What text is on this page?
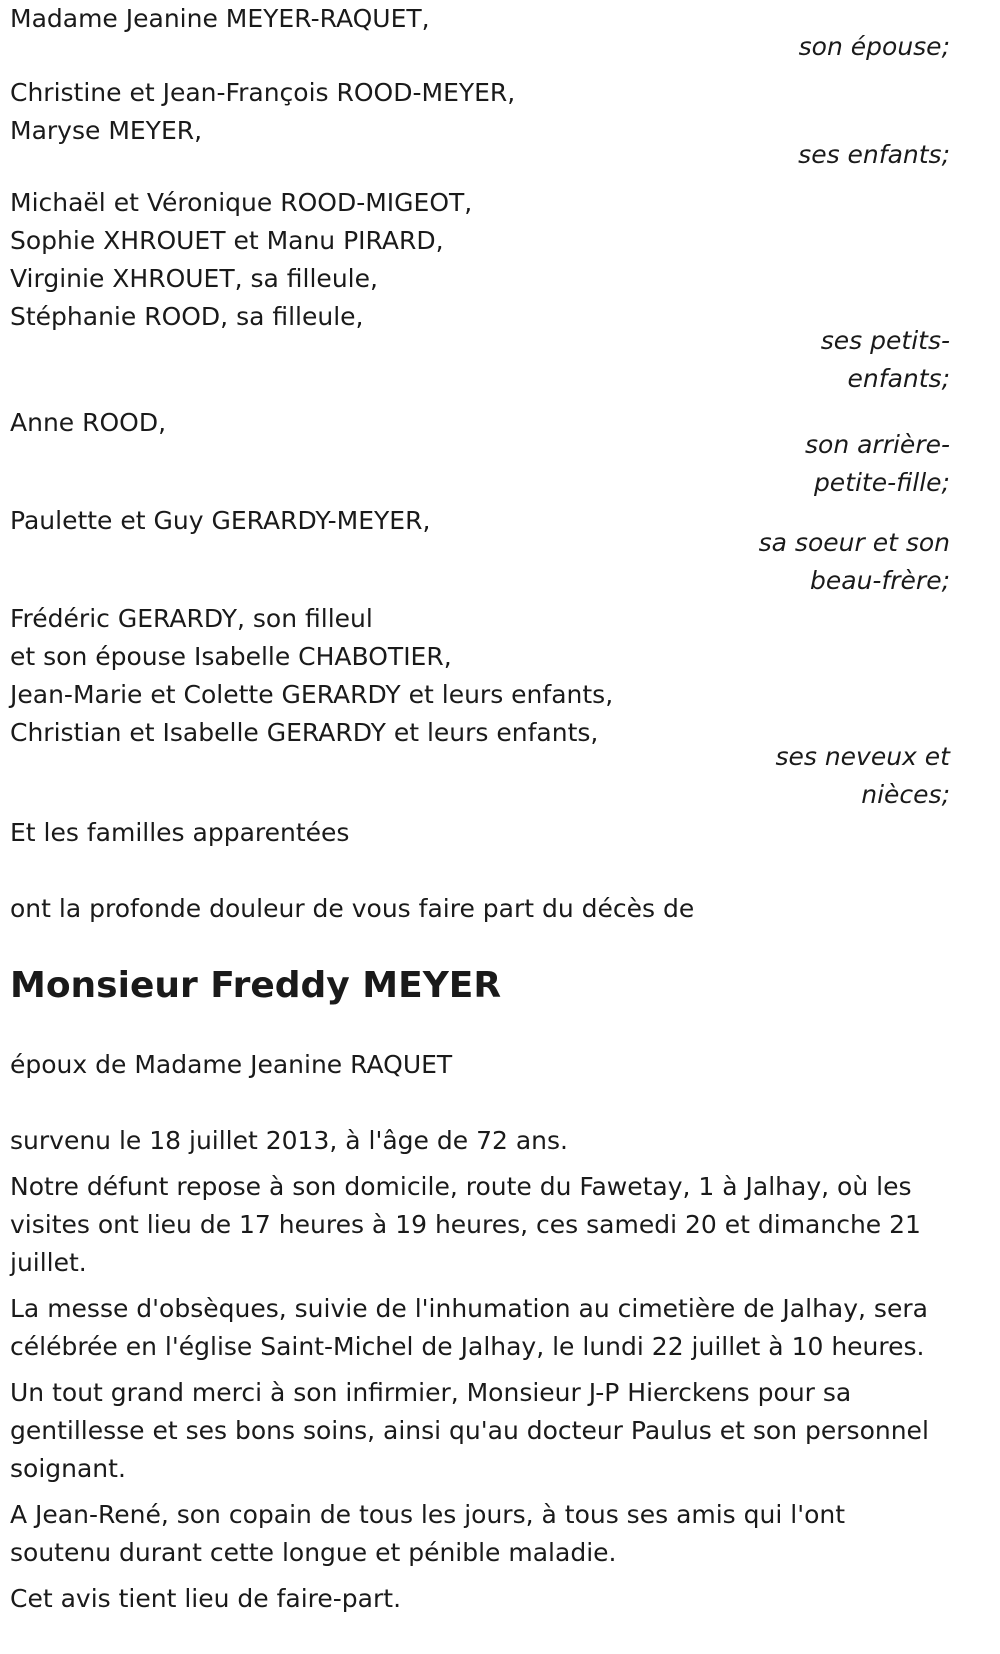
Madame Jeanine MEYER-RAQUET,
son épouse;
Christine et Jean-François ROOD-MEYER,
Maryse MEYER,
ses enfants;
Michaël et Véronique ROOD-MIGEOT,
Sophie XHROUET et Manu PIRARD,
Virginie XHROUET, sa filleule,
Stéphanie ROOD, sa filleule,
ses petits-enfants;
Anne ROOD,
son arrière-petite-fille;
Paulette et Guy GERARDY-MEYER,
sa soeur et son beau-frère;
Frédéric GERARDY, son filleul
et son épouse Isabelle CHABOTIER,
Jean-Marie et Colette GERARDY et leurs enfants,
Christian et Isabelle GERARDY et leurs enfants,
ses neveux et nièces;

Et les familles apparentées

ont la profonde douleur de vous faire part du décès de

Monsieur Freddy MEYER

époux de Madame Jeanine RAQUET

survenu le 18 juillet 2013, à l'âge de 72 ans.

Notre défunt repose à son domicile, route du Fawetay, 1 à Jalhay, où les visites ont lieu de 17 heures à 19 heures, ces samedi 20 et dimanche 21 juillet.

La messe d'obsèques, suivie de l'inhumation au cimetière de Jalhay, sera célébrée en l'église Saint-Michel de Jalhay, le lundi 22 juillet à 10 heures.

Un tout grand merci à son infirmier, Monsieur J-P Hierckens pour sa gentillesse et ses bons soins, ainsi qu'au docteur Paulus et son personnel soignant.

A Jean-René, son copain de tous les jours, à tous ses amis qui l'ont soutenu durant cette longue et pénible maladie.

Cet avis tient lieu de faire-part.
